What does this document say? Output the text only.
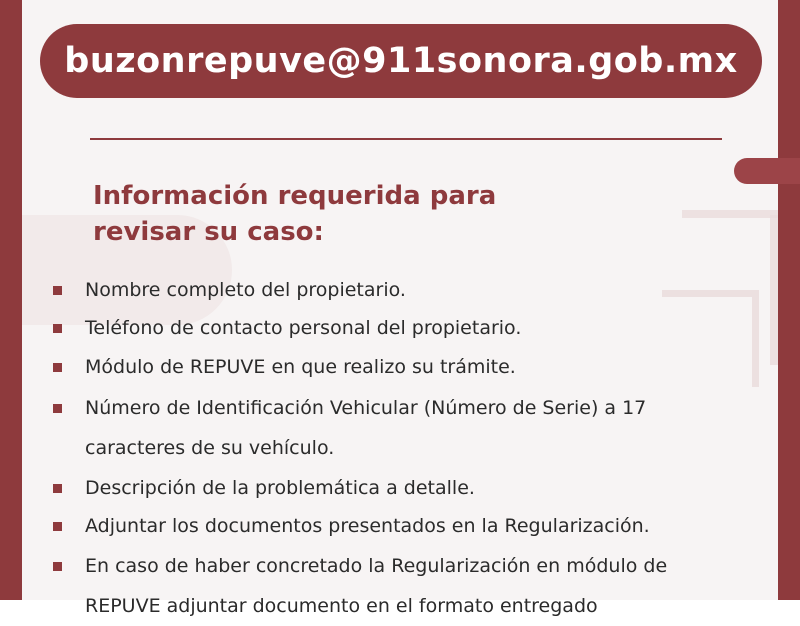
buzonrepuve@911sonora.gob.mx
Información requerida para
revisar su caso:
Nombre completo del propietario.
Teléfono de contacto personal del propietario.
Módulo de REPUVE en que realizo su trámite.
Número de Identificación Vehicular (Número de Serie) a 17
caracteres de su vehículo.
Descripción de la problemática a detalle.
Adjuntar los documentos presentados en la Regularización.
En caso de haber concretado la Regularización en módulo de
REPUVE adjuntar documento en el formato entregado
